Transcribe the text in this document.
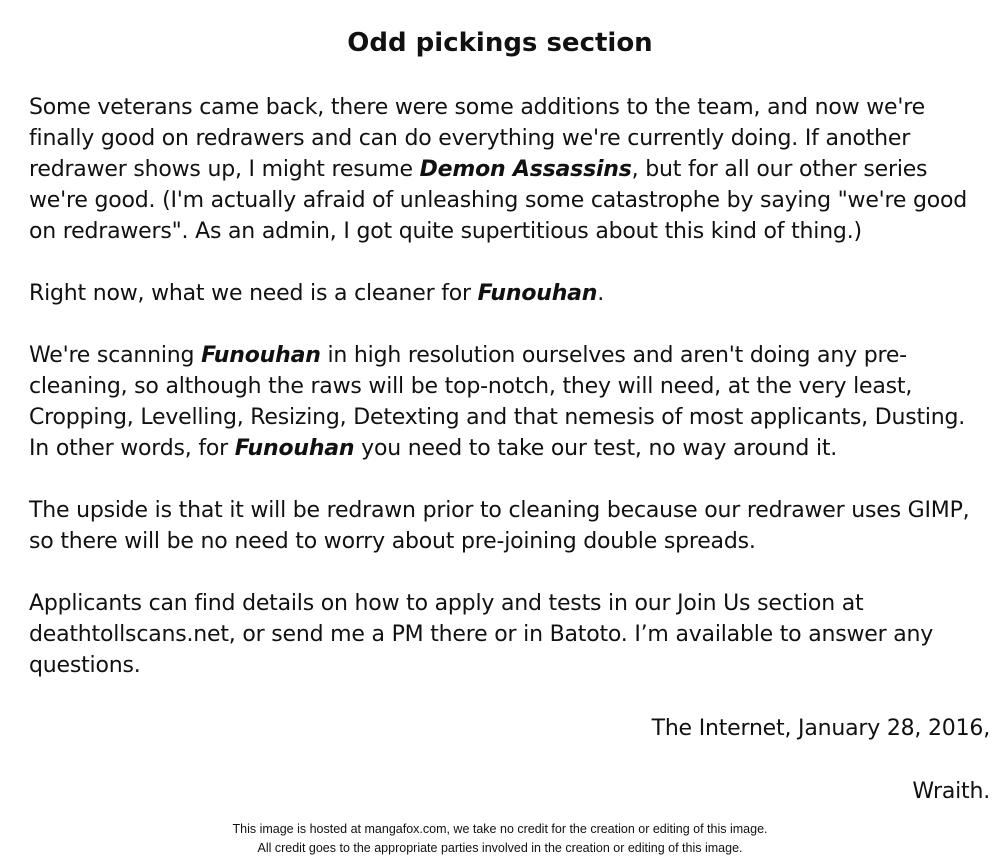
Odd pickings section

Some veterans came back, there were some additions to the team, and now we're finally good on redrawers and can do everything we're currently doing. If another redrawer shows up, I might resume Demon Assassins, but for all our other series we're good. (I'm actually afraid of unleashing some catastrophe by saying "we're good on redrawers". As an admin, I got quite supertitious about this kind of thing.)

Right now, what we need is a cleaner for Funouhan.

We're scanning Funouhan in high resolution ourselves and aren't doing any pre-cleaning, so although the raws will be top-notch, they will need, at the very least, Cropping, Levelling, Resizing, Detexting and that nemesis of most applicants, Dusting. In other words, for Funouhan you need to take our test, no way around it.

The upside is that it will be redrawn prior to cleaning because our redrawer uses GIMP, so there will be no need to worry about pre-joining double spreads.

Applicants can find details on how to apply and tests in our Join Us section at deathtollscans.net, or send me a PM there or in Batoto. I’m available to answer any questions.

The Internet, January 28, 2016,
Wraith.
This image is hosted at mangafox.com, we take no credit for the creation or editing of this image.
All credit goes to the appropriate parties involved in the creation or editing of this image.
